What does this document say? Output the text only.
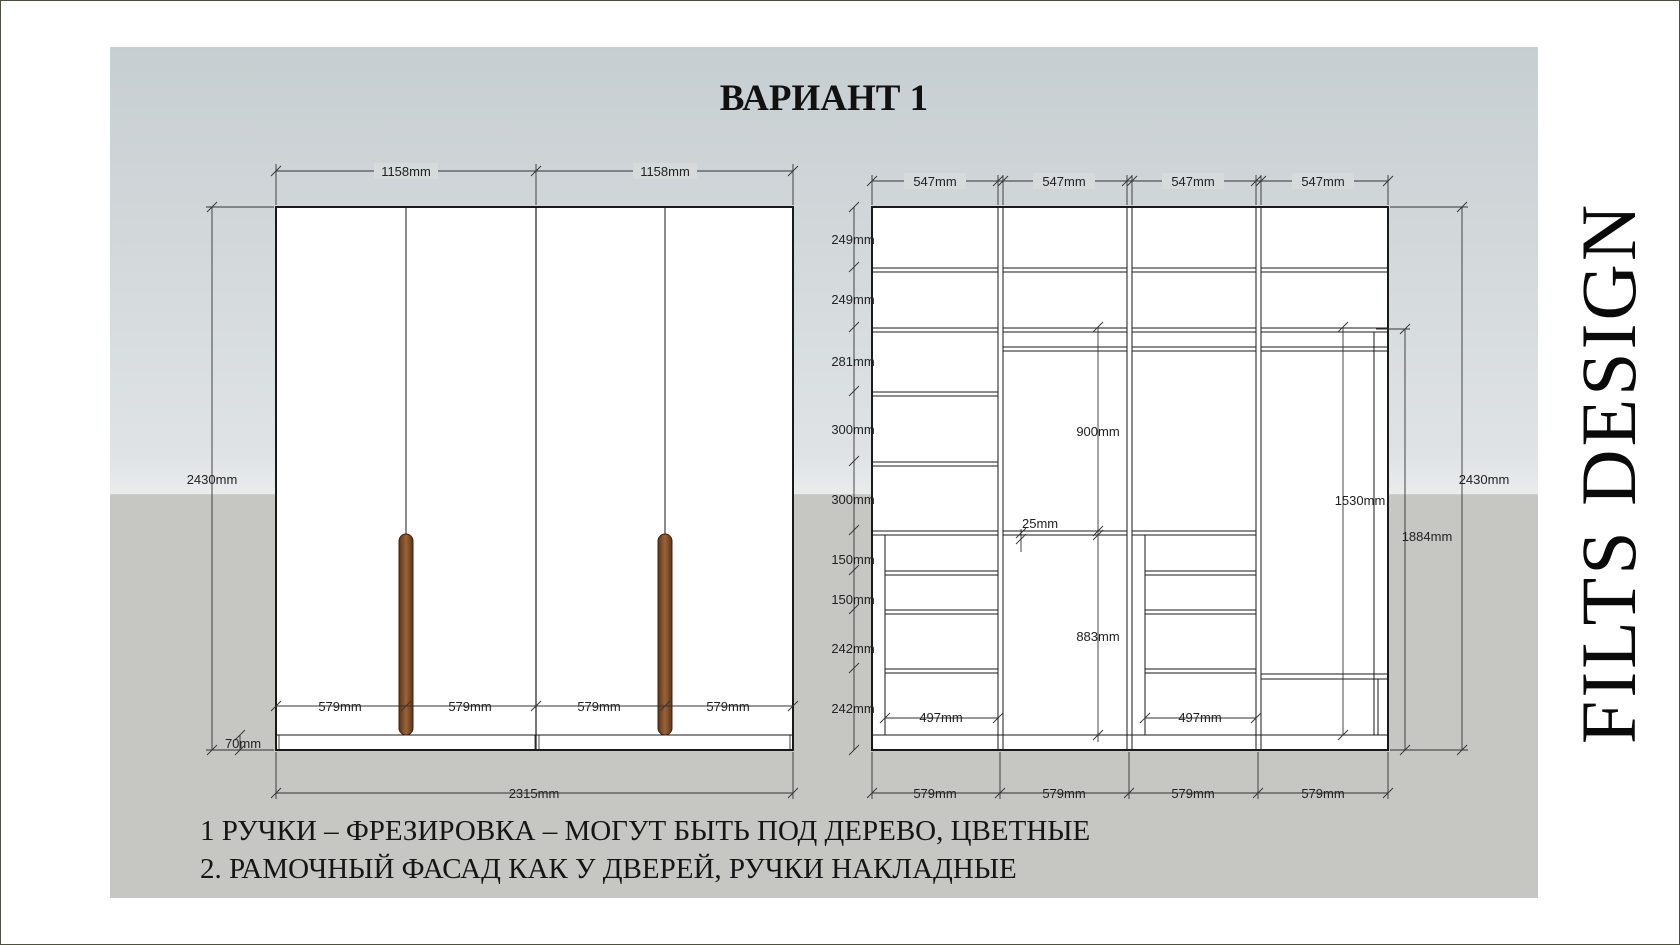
ВАРИАНТ 1
1158mm	1158mm
579mm	579mm	579mm	579mm
2315mm
2430mm
70mm
547mm	547mm	547mm	547mm
579mm	579mm	579mm	579mm
900mm
883mm
497mm	497mm
1530mm
1884mm
2430mm
25mm
249mm
249mm
281mm
300mm
300mm
150mm
150mm
242mm
242mm
1 РУЧКИ – ФРЕЗИРОВКА – МОГУТ БЫТЬ ПОД ДЕРЕВО, ЦВЕТНЫЕ
2. РАМОЧНЫЙ ФАСАД КАК У ДВЕРЕЙ, РУЧКИ НАКЛАДНЫЕ
FILTS DESIGN
